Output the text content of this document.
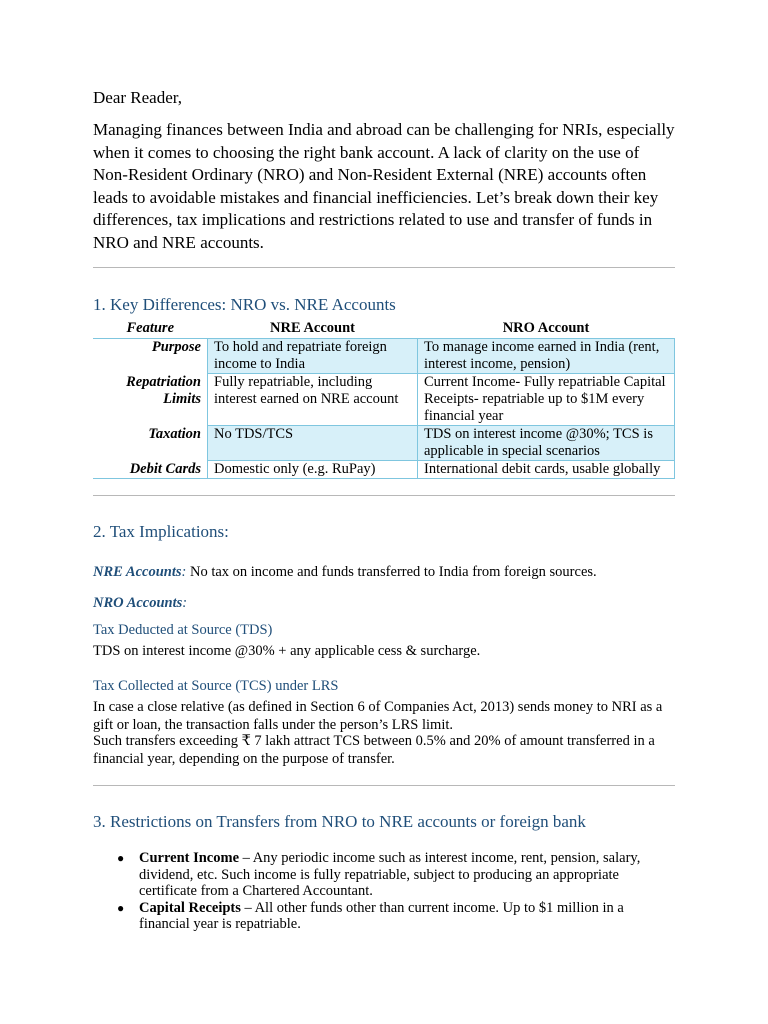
Dear Reader,
Managing finances between India and abroad can be challenging for NRIs, especially when it comes to choosing the right bank account. A lack of clarity on the use of Non-Resident Ordinary (NRO) and Non-Resident External (NRE) accounts often leads to avoidable mistakes and financial inefficiencies. Let’s break down their key differences, tax implications and restrictions related to use and transfer of funds in NRO and NRE accounts.
1. Key Differences: NRO vs. NRE Accounts
Feature	NRE Account	NRO Account
Purpose	To hold and repatriate foreign income to India	To manage income earned in India (rent, interest income, pension)
Repatriation Limits	Fully repatriable, including interest earned on NRE account	Current Income- Fully repatriable Capital Receipts- repatriable up to $1M every financial year
Taxation	No TDS/TCS	TDS on interest income @30%; TCS is applicable in special scenarios
Debit Cards	Domestic only (e.g. RuPay)	International debit cards, usable globally
2. Tax Implications:
NRE Accounts: No tax on income and funds transferred to India from foreign sources.
NRO Accounts:
Tax Deducted at Source (TDS)
TDS on interest income @30% + any applicable cess & surcharge.
Tax Collected at Source (TCS) under LRS
In case a close relative (as defined in Section 6 of Companies Act, 2013) sends money to NRI as a gift or loan, the transaction falls under the person’s LRS limit.
Such transfers exceeding ₹ 7 lakh attract TCS between 0.5% and 20% of amount transferred in a financial year, depending on the purpose of transfer.
3. Restrictions on Transfers from NRO to NRE accounts or foreign bank
● Current Income – Any periodic income such as interest income, rent, pension, salary, dividend, etc. Such income is fully repatriable, subject to producing an appropriate certificate from a Chartered Accountant.
● Capital Receipts – All other funds other than current income. Up to $1 million in a financial year is repatriable.
